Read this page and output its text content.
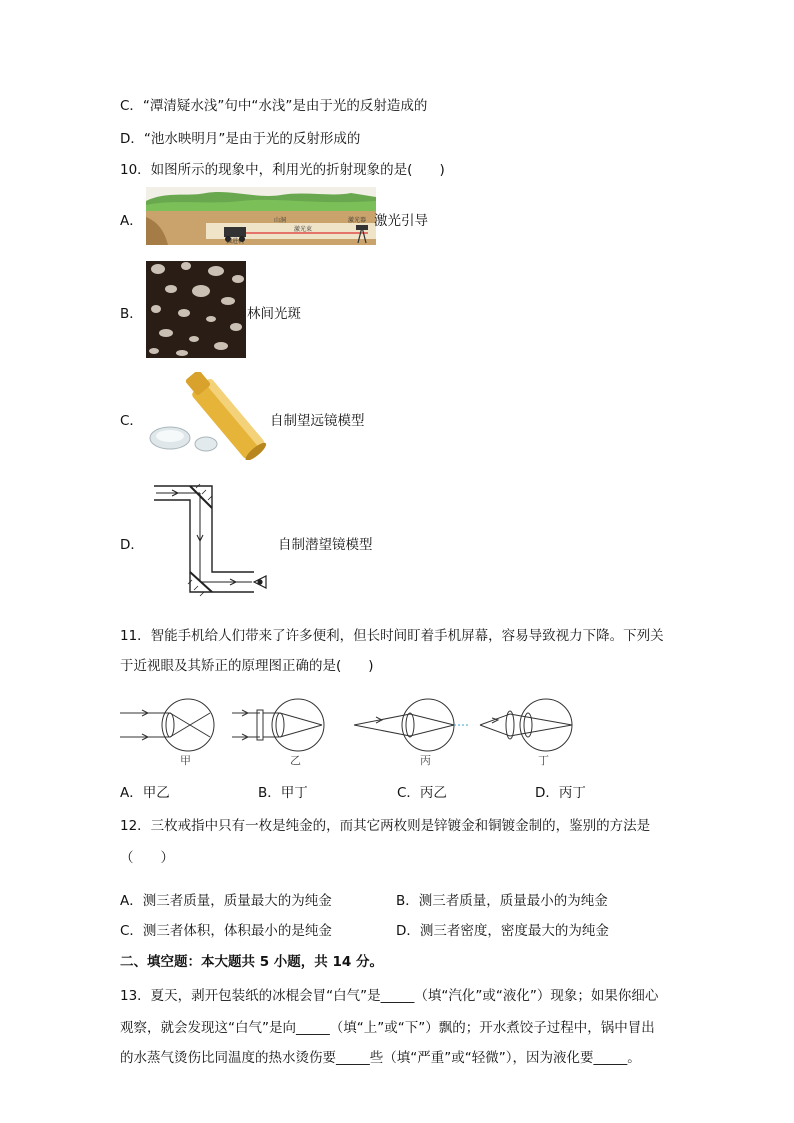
C．“潭清疑水浅”句中“水浅”是由于光的反射造成的
D．“池水映明月”是由于光的反射形成的
10．如图所示的现象中，利用光的折射现象的是(　　)
A．	山洞	激光器
掘进机
激光束
激光引导
B．	林间光斑
C．	自制望远镜模型
D．	自制潜望镜模型
11．智能手机给人们带来了许多便利，但长时间盯着手机屏幕，容易导致视力下降。下列关
于近视眼及其矫正的原理图正确的是(　　)
甲	乙	丙	丁
A．甲乙	B．甲丁	C．丙乙	D．丙丁
12．三枚戒指中只有一枚是纯金的，而其它两枚则是锌镀金和铜镀金制的，鉴别的方法是
（　　）
A．测三者质量，质量最大的为纯金	B．测三者质量，质量最小的为纯金
C．测三者体积，体积最小的是纯金	D．测三者密度，密度最大的为纯金
二、填空题：本大题共 5 小题，共 14 分。
13．夏天，剥开包装纸的冰棍会冒“白气”是_____（填“汽化”或“液化”）现象；如果你细心
观察，就会发现这“白气”是向_____（填“上”或“下”）飘的；开水煮饺子过程中，锅中冒出
的水蒸气烫伤比同温度的热水烫伤要_____些（填“严重”或“轻微”），因为液化要_____。
